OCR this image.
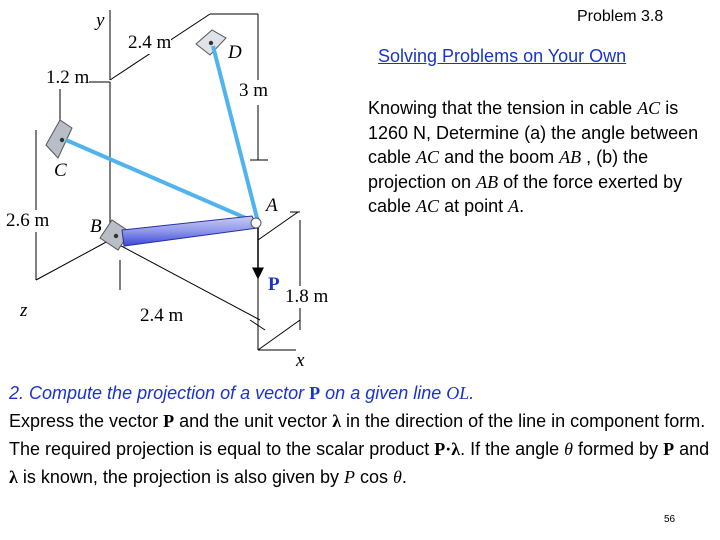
Problem 3.8
Solving Problems on Your Own
y
2.4 m	D
1.2 m
3 m
C
A
2.6 m B
P
1.8 m
z	2.4 m
x
Knowing that the tension in cable AC is 1260 N, Determine (a) the angle between cable AC and the boom AB , (b) the projection on AB of the force exerted by cable AC at point A.
2. Compute the projection of a vector P on a given line OL.
Express the vector P and the unit vector λ in the direction of the line in component form. The required projection is equal to the scalar product P·λ. If the angle θ formed by P and λ is known, the projection is also given by P cos θ.
56
